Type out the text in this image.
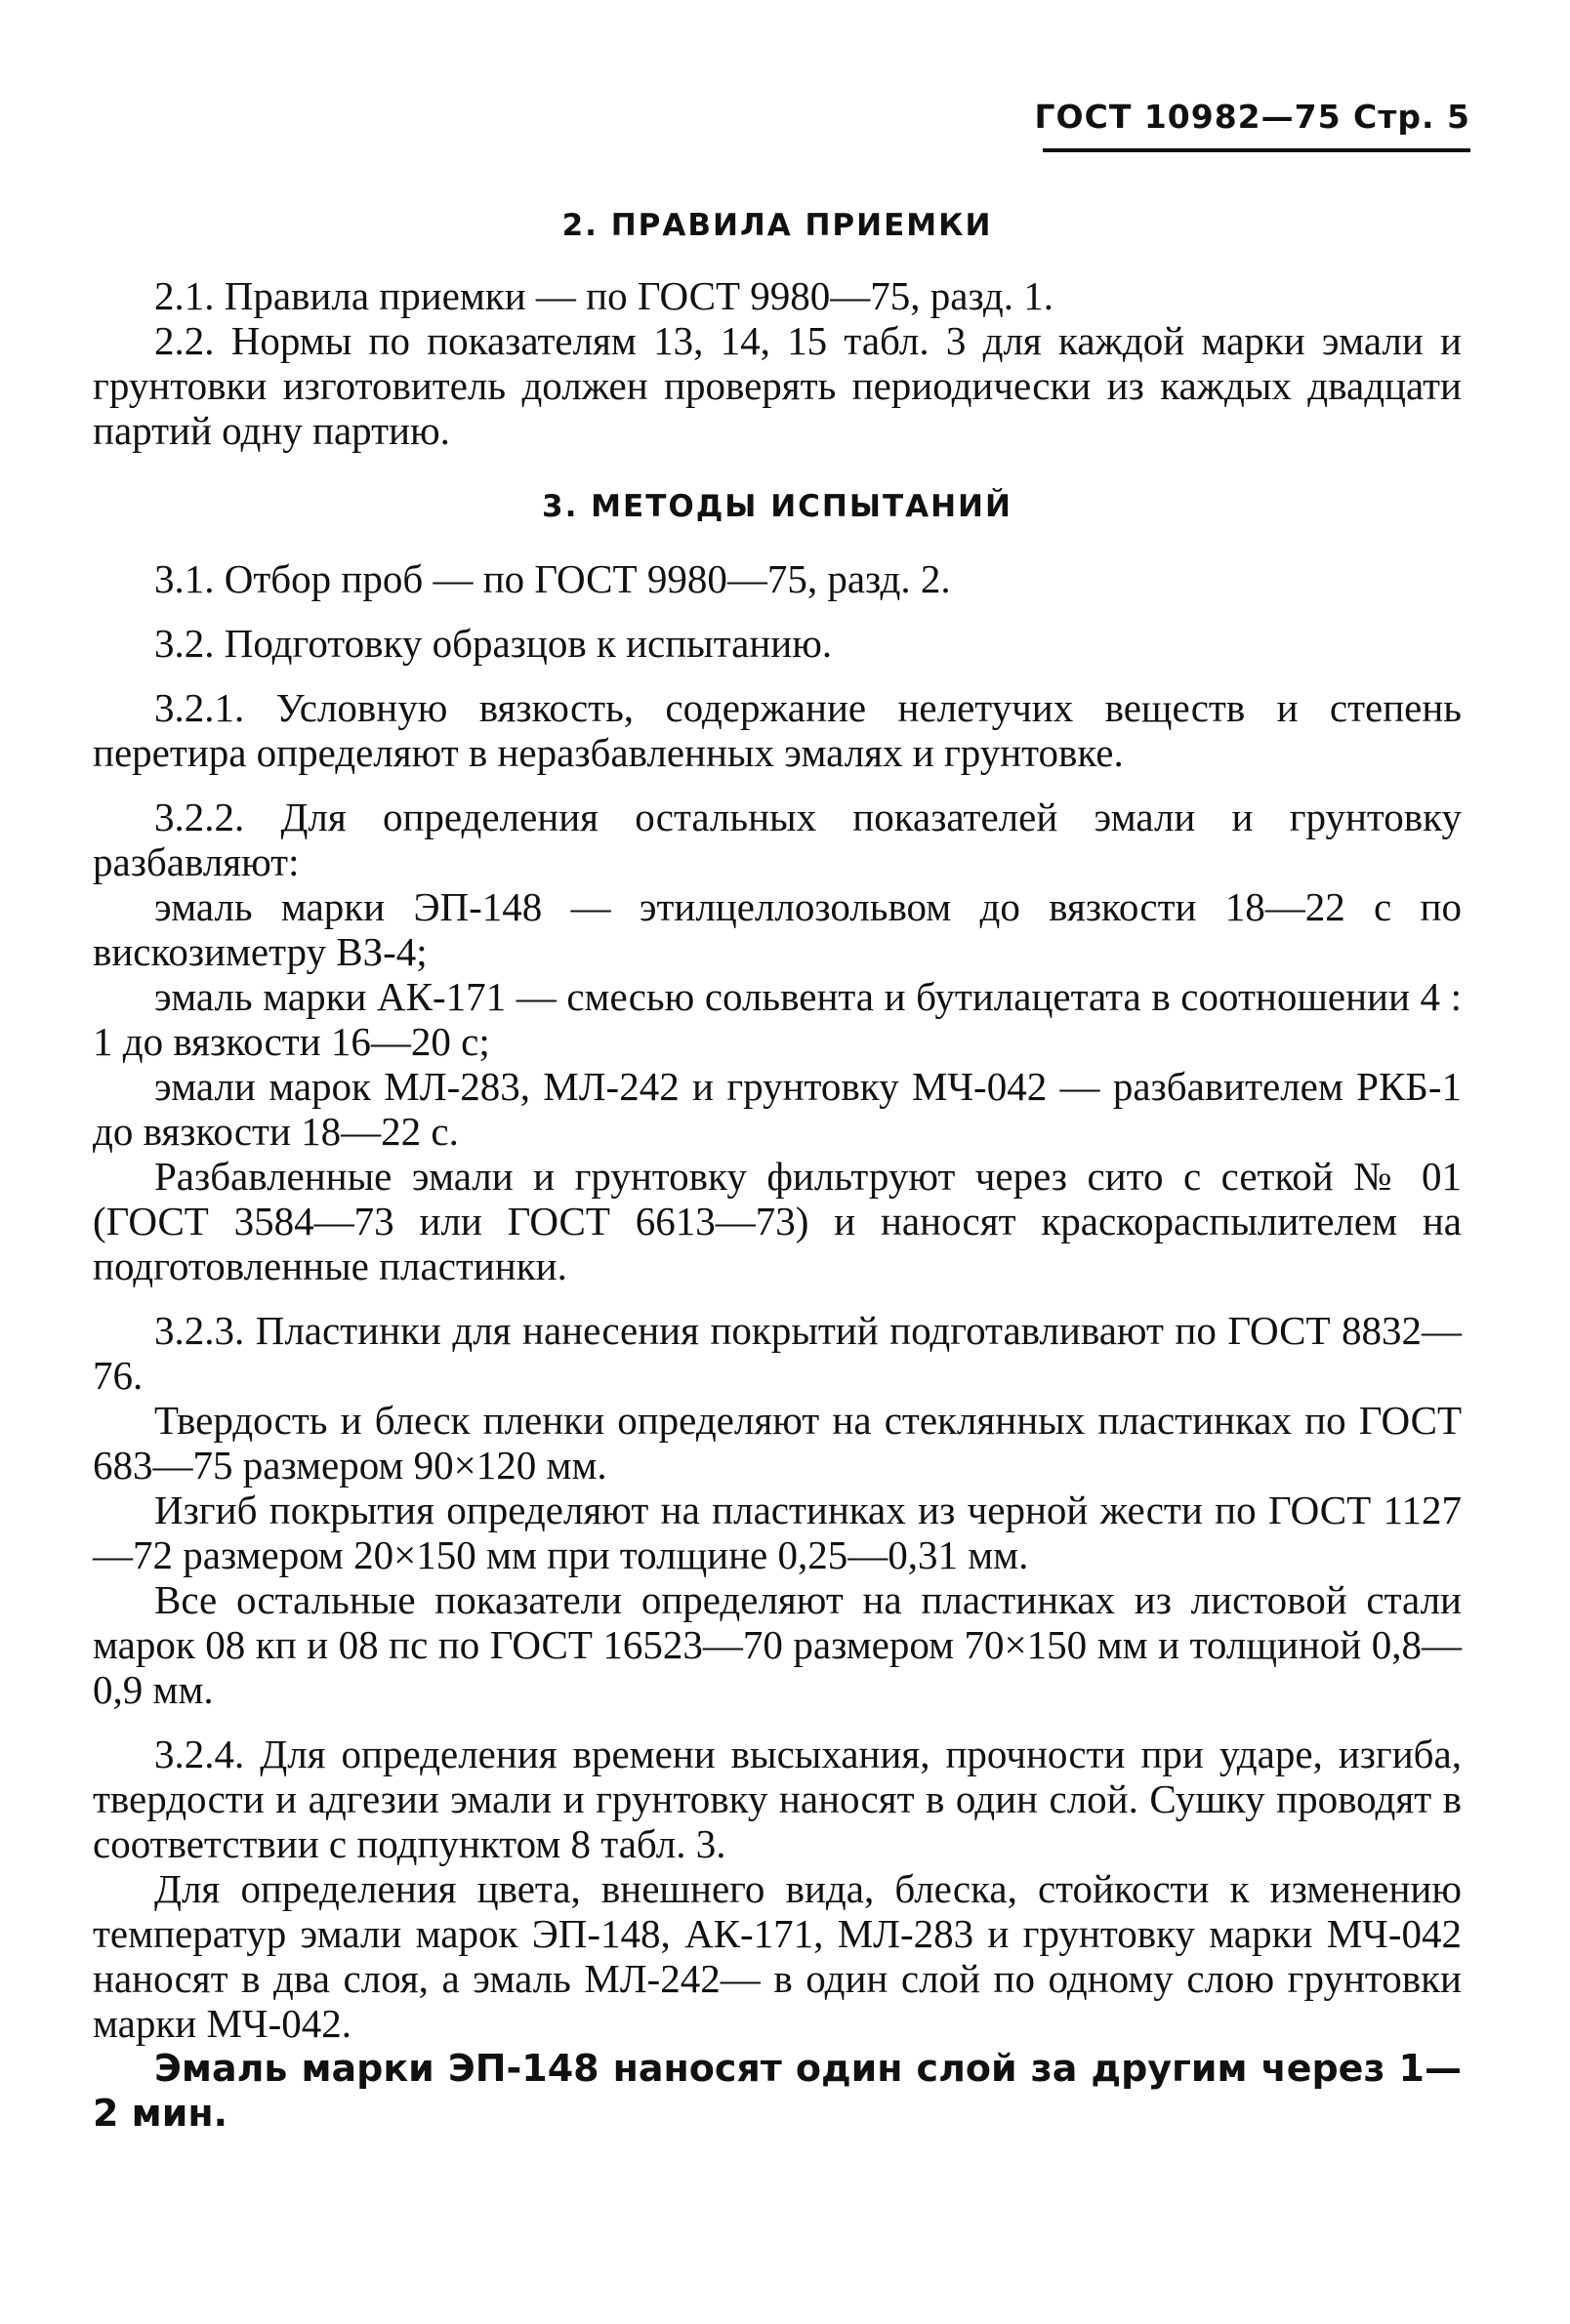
ГОСТ 10982—75 Стр. 5
2. ПРАВИЛА ПРИЕМКИ

2.1. Правила приемки — по ГОСТ 9980—75, разд. 1.

2.2. Нормы по показателям 13, 14, 15 табл. 3 для каждой марки эмали и грунтовки изготовитель должен проверять периодически из каждых двадцати партий одну партию.

3. МЕТОДЫ ИСПЫТАНИЙ

3.1. Отбор проб — по ГОСТ 9980—75, разд. 2.

3.2. Подготовку образцов к испытанию.

3.2.1. Условную вязкость, содержание нелетучих веществ и степень перетира определяют в неразбавленных эмалях и грунтовке.

3.2.2. Для определения остальных показателей эмали и грунтовку разбавляют:

эмаль марки ЭП-148 — этилцеллозольвом до вязкости 18—22 с по вискозиметру ВЗ-4;

эмаль марки АК-171 — смесью сольвента и бутилацетата в соотношении 4 : 1 до вязкости 16—20 с;

эмали марок МЛ-283, МЛ-242 и грунтовку МЧ-042 — разбавителем РКБ-1 до вязкости 18—22 с.

Разбавленные эмали и грунтовку фильтруют через сито с сеткой № 01 (ГОСТ 3584—73 или ГОСТ 6613—73) и наносят краскораспылителем на подготовленные пластинки.

3.2.3. Пластинки для нанесения покрытий подготавливают по ГОСТ 8832—76.

Твердость и блеск пленки определяют на стеклянных пластинках по ГОСТ 683—75 размером 90×120 мм.

Изгиб покрытия определяют на пластинках из черной жести по ГОСТ 1127—72 размером 20×150 мм при толщине 0,25—0,31 мм.

Все остальные показатели определяют на пластинках из листовой стали марок 08 кп и 08 пс по ГОСТ 16523—70 размером 70×150 мм и толщиной 0,8—0,9 мм.

3.2.4. Для определения времени высыхания, прочности при ударе, изгиба, твердости и адгезии эмали и грунтовку наносят в один слой. Сушку проводят в соответствии с подпунктом 8 табл. 3.

Для определения цвета, внешнего вида, блеска, стойкости к изменению температур эмали марок ЭП-148, АК-171, МЛ-283 и грунтовку марки МЧ-042 наносят в два слоя, а эмаль МЛ-242— в один слой по одному слою грунтовки марки МЧ-042.

Эмаль марки ЭП-148 наносят один слой за другим через 1—2 мин.
